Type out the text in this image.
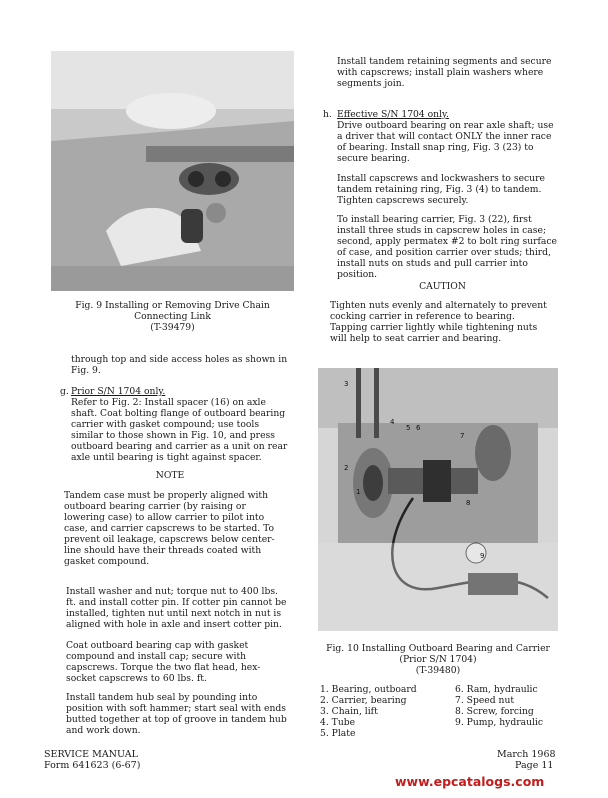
Fig. 9 Installing or Removing Drive Chain

Connecting Link

(T-39479)

through top and side access holes as shown in Fig. 9.

g. Prior S/N 1704 only.

Refer to Fig. 2: Install spacer (16) on axle shaft. Coat bolting flange of outboard bearing carrier with gasket compound; use tools similar to those shown in Fig. 10, and press outboard bearing and carrier as a unit on rear axle until bearing is tight against spacer.

NOTE

Tandem case must be properly aligned with outboard bearing carrier (by raising or lowering case) to allow carrier to pilot into case, and carrier capscrews to be started. To prevent oil leakage, capscrews below center-line should have their threads coated with gasket compound.

Install washer and nut; torque nut to 400 lbs. ft. and install cotter pin. If cotter pin cannot be installed, tighten nut until next notch in nut is aligned with hole in axle and insert cotter pin.

Coat outboard bearing cap with gasket compound and install cap; secure with capscrews. Torque the two flat head, hex-socket capscrews to 60 lbs. ft.

Install tandem hub seal by pounding into position with soft hammer; start seal with ends butted together at top of groove in tandem hub and work down.

Install tandem retaining segments and secure with capscrews; install plain washers where segments join.

h. Effective S/N 1704 only.

Drive outboard bearing on rear axle shaft; use a driver that will contact ONLY the inner race of bearing. Install snap ring, Fig. 3 (23) to secure bearing.

Install capscrews and lockwashers to secure tandem retaining ring, Fig. 3 (4) to tandem. Tighten capscrews securely.

To install bearing carrier, Fig. 3 (22), first install three studs in capscrew holes in case; second, apply permatex #2 to bolt ring surface of case, and position carrier over studs; third, install nuts on studs and pull carrier into position.

CAUTION

Tighten nuts evenly and alternately to prevent cocking carrier in reference to bearing. Tapping carrier lightly while tightening nuts will help to seat carrier and bearing.

3
4
5 6
7
2
1
8
9

Fig. 10 Installing Outboard Bearing and Carrier

(Prior S/N 1704)

(T-39480)

1. Bearing, outboard
2. Carrier, bearing
3. Chain, lift
4. Tube
5. Plate
6. Ram, hydraulic
7. Speed nut
8. Screw, forcing
9. Pump, hydraulic

SERVICE MANUAL

Form 641623 (6-67)

March 1968

Page 11

www.epcatalogs.com
